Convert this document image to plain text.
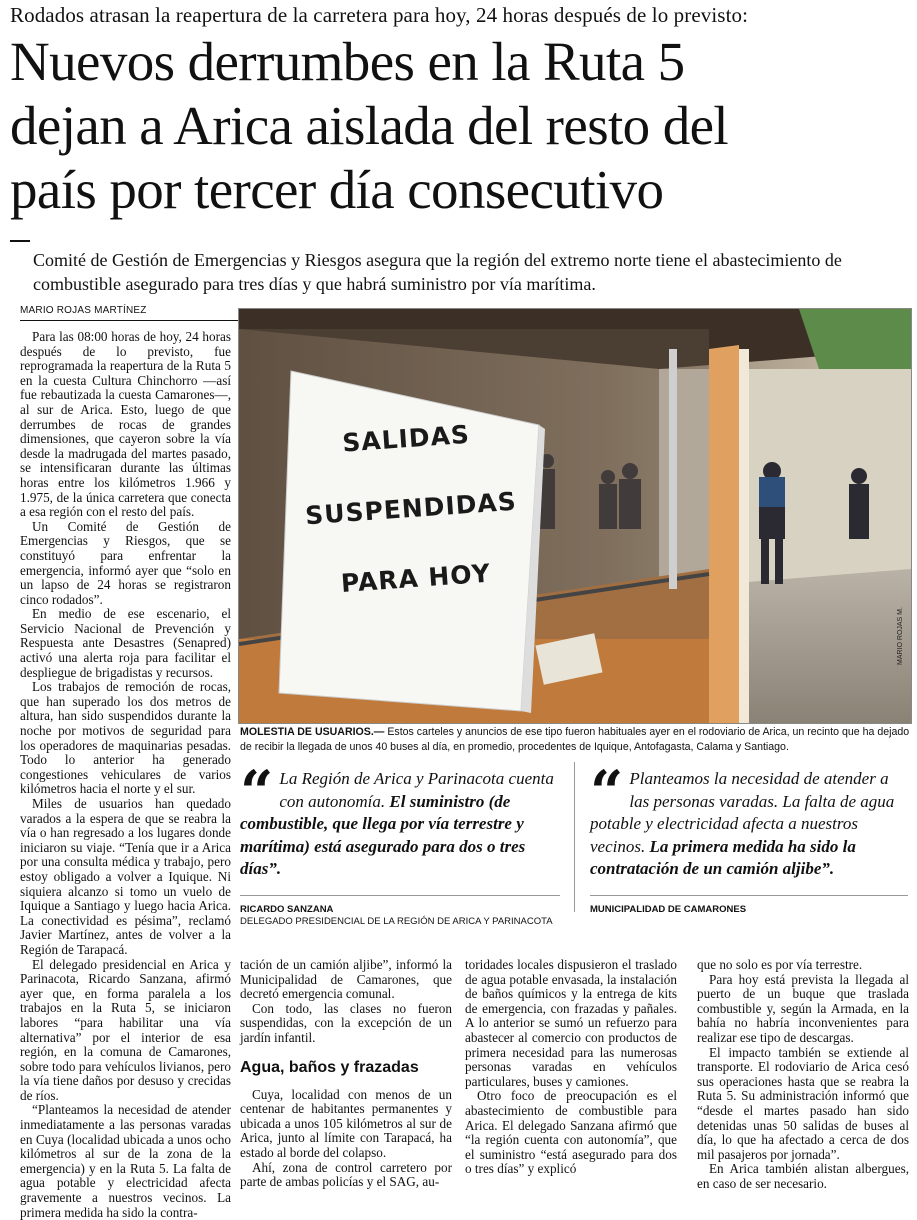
Rodados atrasan la reapertura de la carretera para hoy, 24 horas después de lo previsto:
Nuevos derrumbes en la Ruta 5
dejan a Arica aislada del resto del
país por tercer día consecutivo
Comité de Gestión de Emergencias y Riesgos asegura que la región del extremo norte tiene el abastecimiento de combustible asegurado para tres días y que habrá suministro por vía marítima.
MARIO ROJAS MARTÍNEZ

Para las 08:00 horas de hoy, 24 horas después de lo previsto, fue reprogramada la reapertura de la Ruta 5 en la cuesta Cultura Chinchorro —así fue rebautizada la cuesta Camarones—, al sur de Arica. Esto, luego de que derrumbes de rocas de grandes dimensiones, que cayeron sobre la vía desde la madrugada del martes pasado, se intensificaran durante las últimas horas entre los kilómetros 1.966 y 1.975, de la única carretera que conecta a esa región con el resto del país.

Un Comité de Gestión de Emergencias y Riesgos, que se constituyó para enfrentar la emergencia, informó ayer que “solo en un lapso de 24 horas se registraron cinco rodados”.

En medio de ese escenario, el Servicio Nacional de Prevención y Respuesta ante Desastres (Senapred) activó una alerta roja para facilitar el despliegue de brigadistas y recursos.

Los trabajos de remoción de rocas, que han superado los dos metros de altura, han sido suspendidos durante la noche por motivos de seguridad para los operadores de maquinarias pesadas. Todo lo anterior ha generado congestiones vehiculares de varios kilómetros hacia el norte y el sur.

Miles de usuarios han quedado varados a la espera de que se reabra la vía o han regresado a los lugares donde iniciaron su viaje. “Tenía que ir a Arica por una consulta médica y trabajo, pero estoy obligado a volver a Iquique. Ni siquiera alcanzo si tomo un vuelo de Iquique a Santiago y luego hacia Arica. La conectividad es pésima”, reclamó Javier Martínez, antes de volver a la Región de Tarapacá.

El delegado presidencial en Arica y Parinacota, Ricardo Sanzana, afirmó ayer que, en forma paralela a los trabajos en la Ruta 5, se iniciaron labores “para habilitar una vía alternativa” por el interior de esa región, en la comuna de Camarones, sobre todo para vehículos livianos, pero la vía tiene daños por desuso y crecidas de ríos.

“Planteamos la necesidad de atender inmediatamente a las personas varadas en Cuya (localidad ubicada a unos ocho kilómetros al sur de la zona de la emergencia) y en la Ruta 5. La falta de agua potable y electricidad afecta gravemente a nuestros vecinos. La primera medida ha sido la contra-

SALIDAS
SUSPENDIDAS
PARA HOY
MARIO ROJAS M.
MOLESTIA DE USUARIOS.— Estos carteles y anuncios de ese tipo fueron habituales ayer en el rodoviario de Arica, un recinto que ha dejado de recibir la llegada de unos 40 buses al día, en promedio, procedentes de Iquique, Antofagasta, Calama y Santiago.
“ La Región de Arica y Parinacota cuenta con autonomía. El suministro (de combustible, que llega por vía terrestre y marítima) está asegurado para dos o tres días”.
RICARDO SANZANA
DELEGADO PRESIDENCIAL DE LA REGIÓN DE ARICA Y PARINACOTA
“ Planteamos la necesidad de atender a las personas varadas. La falta de agua potable y electricidad afecta a nuestros vecinos. La primera medida ha sido la contratación de un camión aljibe”.
MUNICIPALIDAD DE CAMARONES

tación de un camión aljibe”, informó la Municipalidad de Camarones, que decretó emergencia comunal.

Con todo, las clases no fueron suspendidas, con la excepción de un jardín infantil.

Agua, baños y frazadas

Cuya, localidad con menos de un centenar de habitantes permanentes y ubicada a unos 105 kilómetros al sur de Arica, junto al límite con Tarapacá, ha estado al borde del colapso.

Ahí, zona de control carretero por parte de ambas policías y el SAG, au-

toridades locales dispusieron el traslado de agua potable envasada, la instalación de baños químicos y la entrega de kits de emergencia, con frazadas y pañales. A lo anterior se sumó un refuerzo para abastecer al comercio con productos de primera necesidad para las numerosas personas varadas en vehículos particulares, buses y camiones.

Otro foco de preocupación es el abastecimiento de combustible para Arica. El delegado Sanzana afirmó que “la región cuenta con autonomía”, que el suministro “está asegurado para dos o tres días” y explicó

que no solo es por vía terrestre.

Para hoy está prevista la llegada al puerto de un buque que traslada combustible y, según la Armada, en la bahía no habría inconvenientes para realizar ese tipo de descargas.

El impacto también se extiende al transporte. El rodoviario de Arica cesó sus operaciones hasta que se reabra la Ruta 5. Su administración informó que “desde el martes pasado han sido detenidas unas 50 salidas de buses al día, lo que ha afectado a cerca de dos mil pasajeros por jornada”.

En Arica también alistan albergues, en caso de ser necesario.
